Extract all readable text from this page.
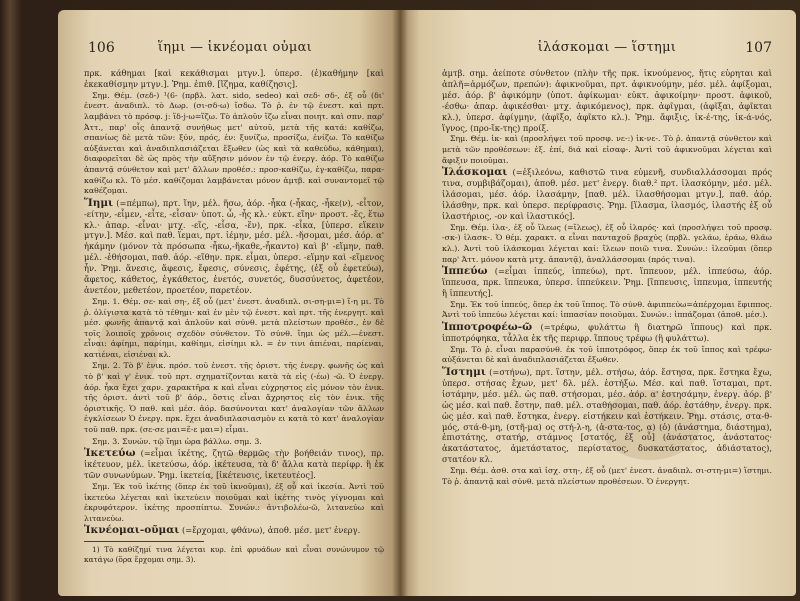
106	ἵημι — ἱκνέομαι οὐμαι

πρκ. κάθημαι [καὶ κεκάθισμαι μτγν.]. ὑπερσ. (ἐ)καθήμην [καὶ ἐκεκαθίσμην μτγν.]. Ῥημ. ἐπιθ. [ἵζημα, καθίζησις].

Σημ. Θέμ. (σεδ-) ¹(6- (πρβλ. λατ. sido, sedeo) καὶ σεδ- σδ-, ἐξ οὗ (δι' ἐνεστ. ἀναδιπλ. τὸ Δωρ. (σι-σδ-ω) ἵσδω. Τὸ ῥ. ἐν τῷ ἐνεστ. καὶ πρτ. λαμβάνει τὸ πρόσφ. j: ἵδ-j-ω=ἵζω. Τὸ ἁπλοῦν ἵζω εἶναι ποιητ. καὶ σπν. παρ' Ἀττ., παρ' οἷς ἀπαντᾷ συνήθως μετ' αὐτοῦ, μετὰ τῆς κατά: καθίζω, σπανίως δὲ μετὰ τῶν: ξύν, πρός, ἐν: ξυνίζω, προσίζω, ἐνίζω. Τὸ καθίζω αὐξάνεται καὶ ἀναδιπλασιάζεται ἔξωθεν (ὡς καὶ τὰ καθεύδω, κάθημαι), διαφορεῖται δὲ ὡς πρὸς τὴν αὔξησιν μόνον ἐν τῷ ἐνεργ. ἀόρ. Τὸ καθίζω ἀπαντᾷ σύνθετον καὶ μετ' ἄλλων προθέσ.: προσ-καθίζω, ἐγ-καθίζω, παρα-καθίζω κλ. Τὸ μέσ. καθίζομαι λαμβάνεται μόνον ἀμτβ. καὶ συναντομεῖ τῷ καθέζομαι.

Ἵημι (=πέμπω), πρτ. ἵην, μέλ. ἥσω, ἀόρ. -ἧκα (-ἧκας, -ἧκε(ν), -εἶτον, -είτην, -εἷμεν, -εἷτε, -εἷσαν· ὑποτ. ὦ, -ἧς κλ.· εὐκτ. εἵην· προστ. -ἕς, ἕτω κλ.· ἀπαρ. -εἶναι· μτχ. -εἵς, -εἷσα, -ἕν), πρκ. -εἷκα, [ὑπερσ. εἵκειν μτγν.]. Μέσ. καὶ παθ. ἵεμαι, πρτ. ἱέμην, μέσ. μέλ. -ἥσομαι, μέσ. ἀόρ. α' ἡκάμην (μόνον τὰ πρόσωπα -ἧκω,-ἥκαθε,-ἧκαντο) καὶ β' -εἵμην, παθ. μέλ. -ἑθήσομαι, παθ. ἀόρ. -εἵθην. πρκ. εἷμαι, ὑπερσ. -εἵμην καὶ -εἵμενος ἦν. Ῥημ. ἄνεσις, ἄφεσις, ἔφεσις, σύνεσις, ἐφέτης, (ἐξ οὗ ἐφετεύω), ἄφετος, κάθετος, ἐγκάθετος, ἐνετός, συνετός, δυσσύνετος, ἀφετέον, ἀνετέον, μεθετέον, προετέον, παρετέον.

Σημ. 1. Θέμ. σε- καὶ ση-, ἐξ οὗ (μετ' ἐνεστ. ἀναδιπλ. σι-ση-μι=) ἵ-η μι. Τὸ ῥ. ὁλίγιστα κατὰ τὸ τέθημι· καὶ ἐν μὲν τῷ ἐνεστ. καὶ πρτ. τῆς ἐνεργητ. καὶ μέσ. φωνῆς ἀπαντᾷ καὶ ἁπλοῦν καὶ σύνθ. μετὰ πλείστων προθέσ., ἐν δὲ τοῖς λοιποῖς χρόνοις σχεδὸν σύνθετον. Τὸ σύνθ. ἵημι ὡς μέλ.—ἐνεστ. εἶναι: ἀφίημι, παρίημι, καθίημι, εἰσίημι κλ. = ἐν τινι ἀπιέναι, παρίεναι, κατιέναι, εἰσιέναι κλ.

Σημ. 2. Τὸ β' ἐνικ. πρόσ. τοῦ ἐνεστ. τῆς ὁριστ. τῆς ἐνεργ. φωνῆς ὡς καὶ τὸ β' καὶ γ' ἐνικ. τοῦ πρτ. σχηματίζονται κατὰ τὰ εἰς (-έω) -ῶ. Ὁ ἐνεργ. ἀόρ. ἧκα ἔχει χαρν. χαρακτῆρα κ καὶ εἶναι εὐχρηστος εἰς μόνον τὸν ἑνικ. τῆς ὁριστ. ἀντὶ τοῦ β' ἀόρ., ὅστις εἶναι ἄχρηστος εἰς τὸν ἑνικ. τῆς ὁριστικῆς. Ὁ παθ. καὶ μέσ. ἀόρ. δασύνονται κατ' ἀναλογίαν τῶν ἄλλων ἐγκλίσεων Ὁ ἐνεργ. πρκ. ἔχει ἀναδιπλασιασμὸν ει κατὰ τὸ κατ' ἀναλογίαν τοῦ παθ. πρκ. (σε-σε μαι=ἕ-ε μαι=) εἷμαι.

Σημ. 3. Συνών. τῷ ἵημι ὡρα βάλλω. σημ. 3.

Ἱκετεύω (=εἶμαι ἱκέτης, ζητῶ θερμῶς τὴν βοήθειάν τινος), πρ. ἱκέτευον, μέλ. ἱκετεύσω, ἀόρ. ἱκέτευσα, τὰ δ' ἄλλα κατὰ περίφρ. ἢ ἐκ τῶν συνωνύμων. Ῥημ. ἱκετεία, [ἱκέτευσις, ἱκετευτέος].

Σημ. Ἐκ τοῦ ἱκέτης (ὅπερ ἐκ τοῦ ἱκνοῦμαι), ἐξ οὗ καὶ ἱκεσία. Ἀντὶ τοῦ ἱκετεύω λέγεται καὶ ἱκετεύειν ποιοῦμαι καὶ ἱκέτης τινὸς γίγνομαι καὶ ἐκρυφότερον. ἱκέτης προσπίπτω. Συνών.: ἀντιβολέω-ῶ, λιτανεύω καὶ λιτανεύω.

Ἱκνέομαι-οῦμαι (=ἔρχομαι, φθάνω), ἀποθ. μέσ. μετ' ἐνεργ.

1) Τὸ καθίζημί τινα λέγεται κυρ. ἐπὶ φρυάδων καὶ εἶναι συνώνυμον τῷ κατάγω (ὅρα ἔρχομαι σημ. 3).

ἱλάσκομαι — ἵστημι	107

ἀμτβ. σημ. ἀείποτε σύνθετον (πλὴν τῆς πρκ. ἱκνούμενος, ἥτις εὑρηται καὶ ἁπλῆ=ἁρμόζων, πρεπών): ἀφικνοῦμαι, πρτ. ἀφικνούμην, μέσ. μέλ. ἀφίξομαι, μέσ. ἀόρ. β' ἀφικόμην (ὑποτ. ἀφίκωμαι· εὐκτ. ἀφικοίμην· προστ. ἀφικοῦ, -έσθω· ἀπαρ. ἀφικέσθαι· μτχ. ἀφικόμενος), πρκ. ἀφῖγμαι, (ἀφῖξαι, ἀφῖκται κλ.), ὑπερσ. ἀφίγμην, (ἀφῖξο, ἀφῖκτο κλ.). Ῥημ. ἄφιξις, ἱκ-έ-της, ἱκ-ά-νός, ἵγνος, (προ-ἵκ-της) προίξ.

Σημ. Θέμ. ἱκ- καὶ (προσλήψει τοῦ προσφ. νε-:) ἱκ-νε-. Τὸ ῥ. ἀπαντᾷ σύνθετον καὶ μετὰ τῶν προθέσεων: ἐξ. ἐπί, διά καὶ εἰσαφ-. Ἀντὶ τοῦ ἀφικνοῦμαι λέγεται καὶ ἄφιξιν ποιοῦμαι.

Ἱλάσκομαι (=ἐξιλεόνω, καθιστῶ τινα εὐμενῆ, συνδιαλλάσσομαι πρός τινα, συμβιβάζομαι), ἀποθ. μέσ. μετ' ἐνεργ. διαθ.² πρτ. ἱλασκόμην, μέσ. μέλ. ἱλάσομαι, μέσ. ἀόρ. ἱλασάμην, [παθ. μέλ. ἱλασθήσομαι μτγν.], παθ. ἀόρ. ἱλάσθην, πρκ. καὶ ὑπερσ. περίφρασις. Ῥημ. [ἵλασμα, ἱλασμός, ἱλαστής ἐξ οὗ ἱλαστήριος, -ον καὶ ἱλαστικός].

Σημ. Θέμ. ἱλα-, ἐξ οὗ ἵλεως (=ἵλεως), ἐξ οὗ ἱλαρός· καὶ (προσλήψει τοῦ προσφ. -σκ-) ἱλασκ-. Ὁ θέμ. χαρακτ. α εἶναι πανταχοῦ βραχύς (πρβλ. γελάω, ἐράω, θλάω κλ.). Ἀντὶ τοῦ ἱλάσκομαι λέγεται καί: ἵλεων ποιῶ τινα. Συνών.: ἱλεοῦμαι (ὅπερ παρ' Ἀττ. μόνον κατὰ μτχ. ἀπαντᾷ), ἀναλλάσσομαι (πρός τινα).

Ἱππεύω (=εἶμαι ἱππεύς, ἱππεύω), πρτ. ἵππευον, μέλ. ἱππεύσω, ἀόρ. ἵππευσα, πρκ. ἵππευκα, ὑπερσ. ἱππεύκειν. Ῥημ. [ἵππευσις, ἱππευμα, ἱππευτής ἢ ἱππευτής].

Σημ. Ἐκ τοῦ ἱππεύς, ὅπερ ἐκ τοῦ ἵππος. Τὸ σύνθ. ἀφιππεύω=ἀπέρχομαι ἔφιππος. Ἀντὶ τοῦ ἱππεύω λέγεται καί: ἱππασίαν ποιοῦμαι. Συνών.: ἱππάζομαι (ἀποθ. μέσ.).

Ἱπποτροφέω-ῶ (=τρέφω, φυλάττω ἢ διατηρῶ ἵππους) καὶ πρκ. ἱπποτρόφηκα, τἆλλα ἐκ τῆς περιφρ. ἵππους τρέφω (ἢ φυλάττω).

Σημ. Τὸ ῥ. εἶναι παρασύνθ. ἐκ τοῦ ἱπποτρόφος, ὅπερ ἐκ τοῦ ἵππος καὶ τρέφω· αὐξάνεται δὲ καὶ ἀναδιπλασιάζεται ἔξωθεν.

Ἵστημι (=στήνω), πρτ. ἵστην, μέλ. στήσω, ἀόρ. ἔστησα, πρκ. ἕστηκα ἔχω, ὑπερσ. στήσας ἔχων, μετ' δλ. μέλ. ἑστήξω. Μέσ. καὶ παθ. ἵσταμαι, πρτ. ἱστάμην, μέσ. μέλ. ὡς παθ. στήσομαι, μέσ. ἀόρ. α' ἐστησάμην, ἐνεργ. ἀόρ. β' ὡς μέσ. καὶ παθ. ἔστην, παθ. μέλ. σταθήσομαι, παθ. ἀόρ. ἐστάθην, ἐνεργ. πρκ. ὡς μέσ. καὶ παθ. ἕστηκα, ἐνεργ. εἱστήκειν καὶ ἑστήκειν. Ῥημ. στάσις, στα-θ-μός, στά-θ-μη, (στῆ-μα) ος στή-λ-η, (ἀ-στα-τος, α) (ὁ) (ἀνάστημα, διάστημα), ἐπιστάτης, στατήρ, στάμνος [στατός, ἐξ οὗ] (ἀνάστατος, ἀνάστατος· ἀκατάστατος, ἀμετάστατος, περίστατος, δυσκατάστατος, ἀδιάστατος), στατέον κλ.

Σημ. Θέμ. ἀσθ. στα καὶ ἰσχ. στη-, ἐξ οὗ (μετ' ἐνεστ. ἀναδιπλ. σι-στη-μι=) ἵστημι. Τὸ ῥ. ἀπαντᾷ καὶ σύνθ. μετὰ πλείστων προθέσεων. Ὁ ἐνεργητ.
